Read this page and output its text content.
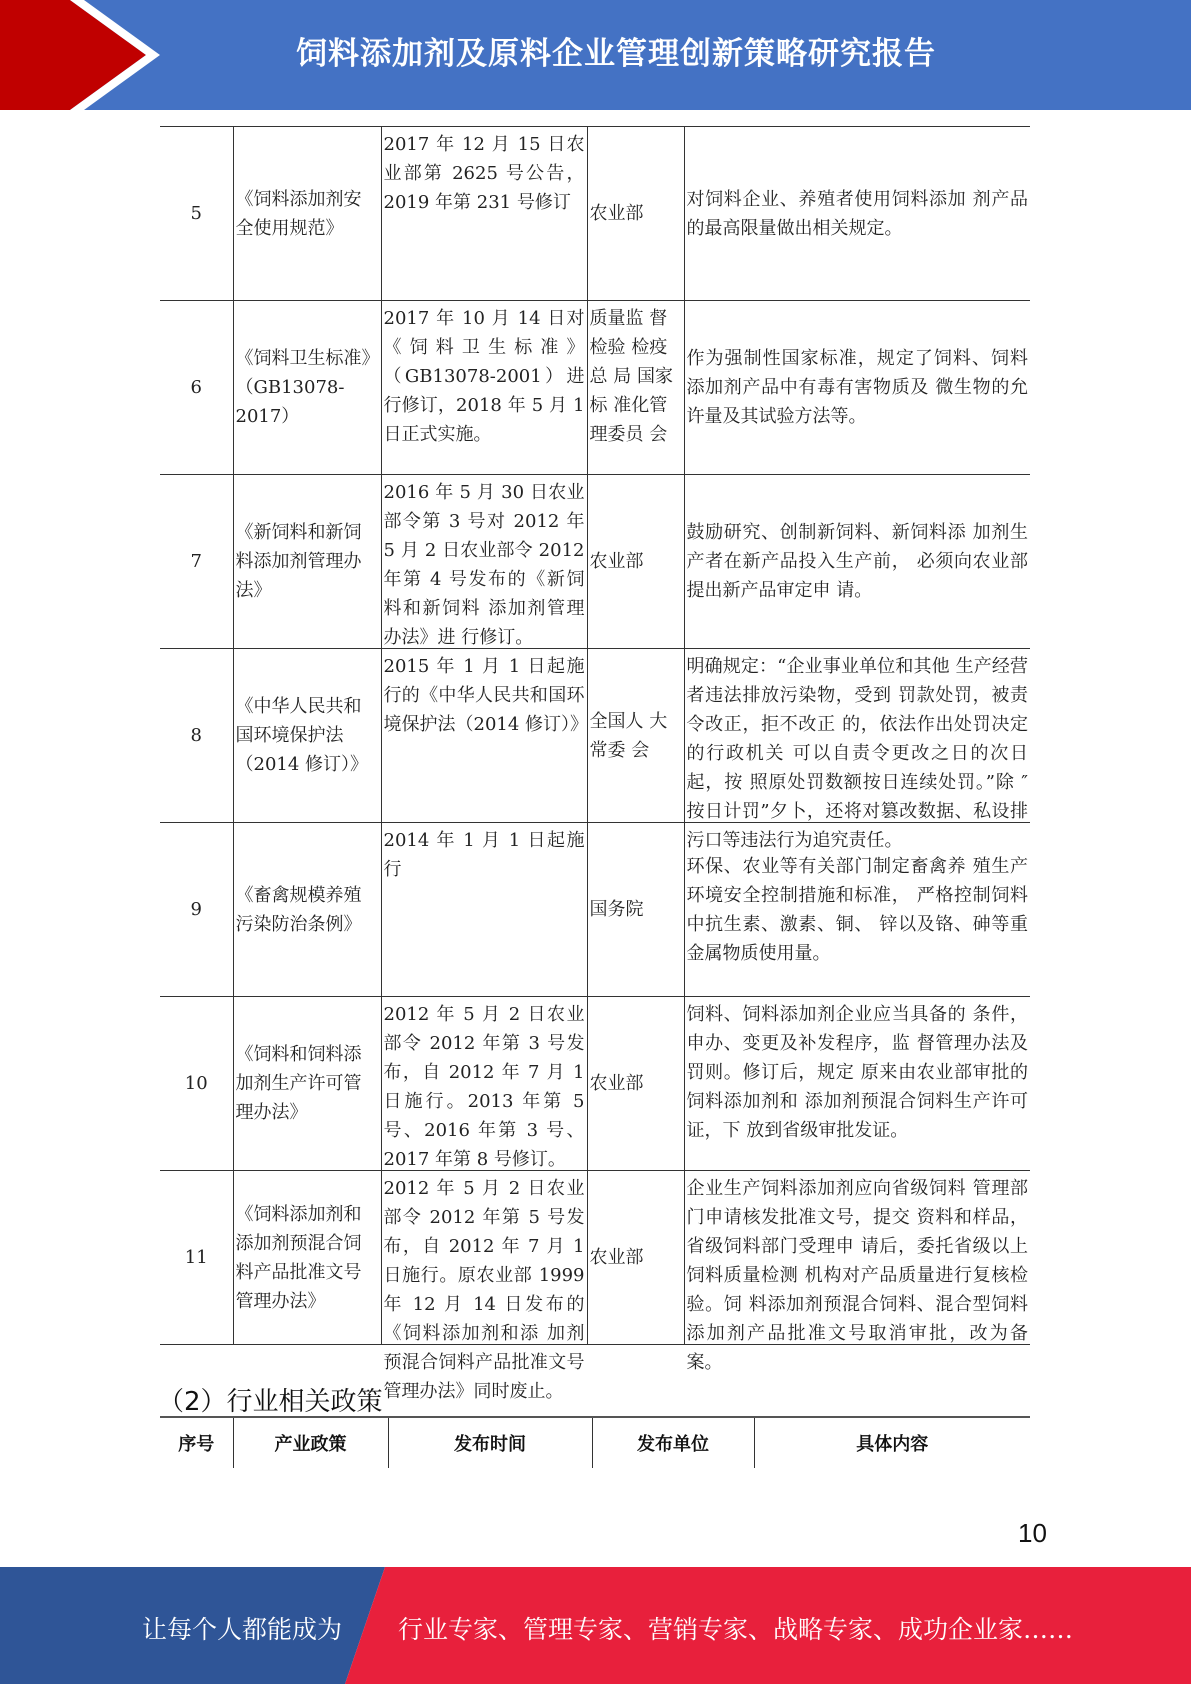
饲料添加剂及原料企业管理创新策略研究报告
5	《饲料添加剂安全使用规范》	2017 年 12 月 15 日农业部第 2625 号公告，2019 年第 231 号修订	农业部	对饲料企业、养殖者使用饲料添加 剂产品的最高限量做出相关规定。

6	《饲料卫生标准》（GB13078-2017）	2017 年 10 月 14 日对《饲料卫生标准》（GB13078-2001）进行修订，2018 年 5 月 1 日正式实施。	质量监 督检验 检疫总 局 国家标 准化管 理委员 会	作为强制性国家标准，规定了饲料、饲料添加剂产品中有毒有害物质及 微生物的允许量及其试验方法等。

7	《新饲料和新饲料添加剂管理办法》	2016 年 5 月 30 日农业部令第 3 号对 2012 年 5 月 2 日农业部令 2012 年第 4 号发布的《新饲料和新饲料 添加剂管理办法》进 行修订。	农业部	鼓励研究、创制新饲料、新饲料添 加剂生产者在新产品投入生产前， 必须向农业部提出新产品审定申 请。

8	《中华人民共和国环境保护法（2014 修订）》	2015 年 1 月 1 日起施行的《中华人民共和国环境保护法（2014 修订）》	全国人 大常委 会	明确规定：“企业事业单位和其他 生产经营者违法排放污染物，受到 罚款处罚，被责令改正，拒不改正 的，依法作出处罚决定的行政机关 可以自责令更改之日的次日起，按 照原处罚数额按日连续处罚。”除 ″按日计罚”夕卜，还将对篡改数据、私设排污口等违法行为追究责任。

9	《畜禽规模养殖污染防治条例》	2014 年 1 月 1 日起施行	国务院	环保、农业等有关部门制定畜禽养 殖生产环境安全控制措施和标准， 严格控制饲料中抗生素、激素、铜、 锌以及铬、砷等重金属物质使用量。

10	《饲料和饲料添加剂生产许可管理办法》	2012 年 5 月 2 日农业部令 2012 年第 3 号发布，自 2012 年 7 月 1 日施行。2013 年第 5 号、2016 年第 3 号、2017 年第 8 号修订。	农业部	饲料、饲料添加剂企业应当具备的 条件，申办、变更及补发程序，监 督管理办法及罚则。修订后，规定 原来由农业部审批的饲料添加剂和 添加剂预混合饲料生产许可证，下 放到省级审批发证。

11	《饲料添加剂和添加剂预混合饲料产品批准文号管理办法》	2012 年 5 月 2 日农业部令 2012 年第 5 号发布，自 2012 年 7 月 1 日施行。原农业部 1999 年 12 月 14 日发布的《饲料添加剂和添 加剂预混合饲料产品批准文号管理办法》同时废止。	农业部	企业生产饲料添加剂应向省级饲料 管理部门申请核发批准文号，提交 资料和样品，省级饲料部门受理申 请后，委托省级以上饲料质量检测 机构对产品质量进行复核检验。饲 料添加剂预混合饲料、混合型饲料 添加剂产品批准文号取消审批，改为备案。
（2）行业相关政策
序号	产业政策	发布时间	发布单位	具体内容
10
让每个人都能成为 行业专家、管理专家、营销专家、战略专家、成功企业家……
